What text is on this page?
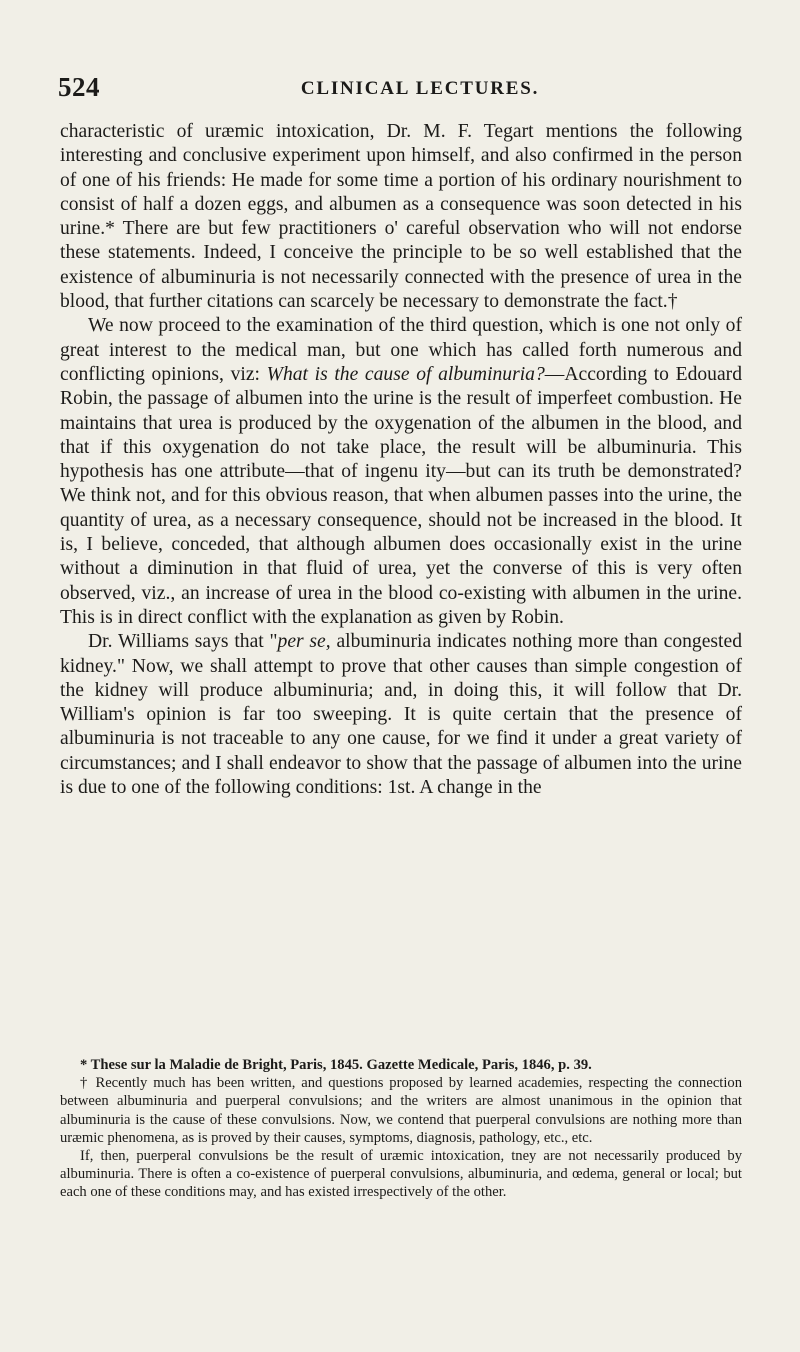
524	CLINICAL LECTURES.

characteristic of uræmic intoxication, Dr. M. F. Tegart mentions the following interesting and conclusive experiment upon himself, and also confirmed in the person of one of his friends: He made for some time a portion of his ordinary nourishment to consist of half a dozen eggs, and albumen as a consequence was soon detected in his urine.* There are but few practitioners o' careful observation who will not endorse these statements. Indeed, I conceive the principle to be so well established that the existence of albuminuria is not necessarily connected with the presence of urea in the blood, that further citations can scarcely be necessary to demonstrate the fact.†

We now proceed to the examination of the third question, which is one not only of great interest to the medical man, but one which has called forth numerous and conflicting opinions, viz: What is the cause of albuminuria?—According to Edouard Robin, the passage of albumen into the urine is the result of imperfeet combustion. He maintains that urea is produced by the oxygenation of the albumen in the blood, and that if this oxygenation do not take place, the result will be albuminuria. This hypothesis has one attribute—that of ingenu ity—but can its truth be demonstrated? We think not, and for this obvious reason, that when albumen passes into the urine, the quantity of urea, as a necessary consequence, should not be increased in the blood. It is, I believe, conceded, that although albumen does occasionally exist in the urine without a diminution in that fluid of urea, yet the converse of this is very often observed, viz., an increase of urea in the blood co-existing with albumen in the urine. This is in direct conflict with the explanation as given by Robin.

Dr. Williams says that "per se, albuminuria indicates nothing more than congested kidney." Now, we shall attempt to prove that other causes than simple congestion of the kidney will produce albuminuria; and, in doing this, it will follow that Dr. William's opinion is far too sweeping. It is quite certain that the presence of albuminuria is not traceable to any one cause, for we find it under a great variety of circumstances; and I shall endeavor to show that the passage of albumen into the urine is due to one of the following conditions: 1st. A change in the

* These sur la Maladie de Bright, Paris, 1845. Gazette Medicale, Paris, 1846, p. 39.

† Recently much has been written, and questions proposed by learned academies, respecting the connection between albuminuria and puerperal convulsions; and the writers are almost unanimous in the opinion that albuminuria is the cause of these convulsions. Now, we contend that puerperal convulsions are nothing more than uræmic phenomena, as is proved by their causes, symptoms, diagnosis, pathology, etc., etc.

If, then, puerperal convulsions be the result of uræmic intoxication, tney are not necessarily produced by albuminuria. There is often a co-existence of puerperal convulsions, albuminuria, and œdema, general or local; but each one of these conditions may, and has existed irrespectively of the other.
